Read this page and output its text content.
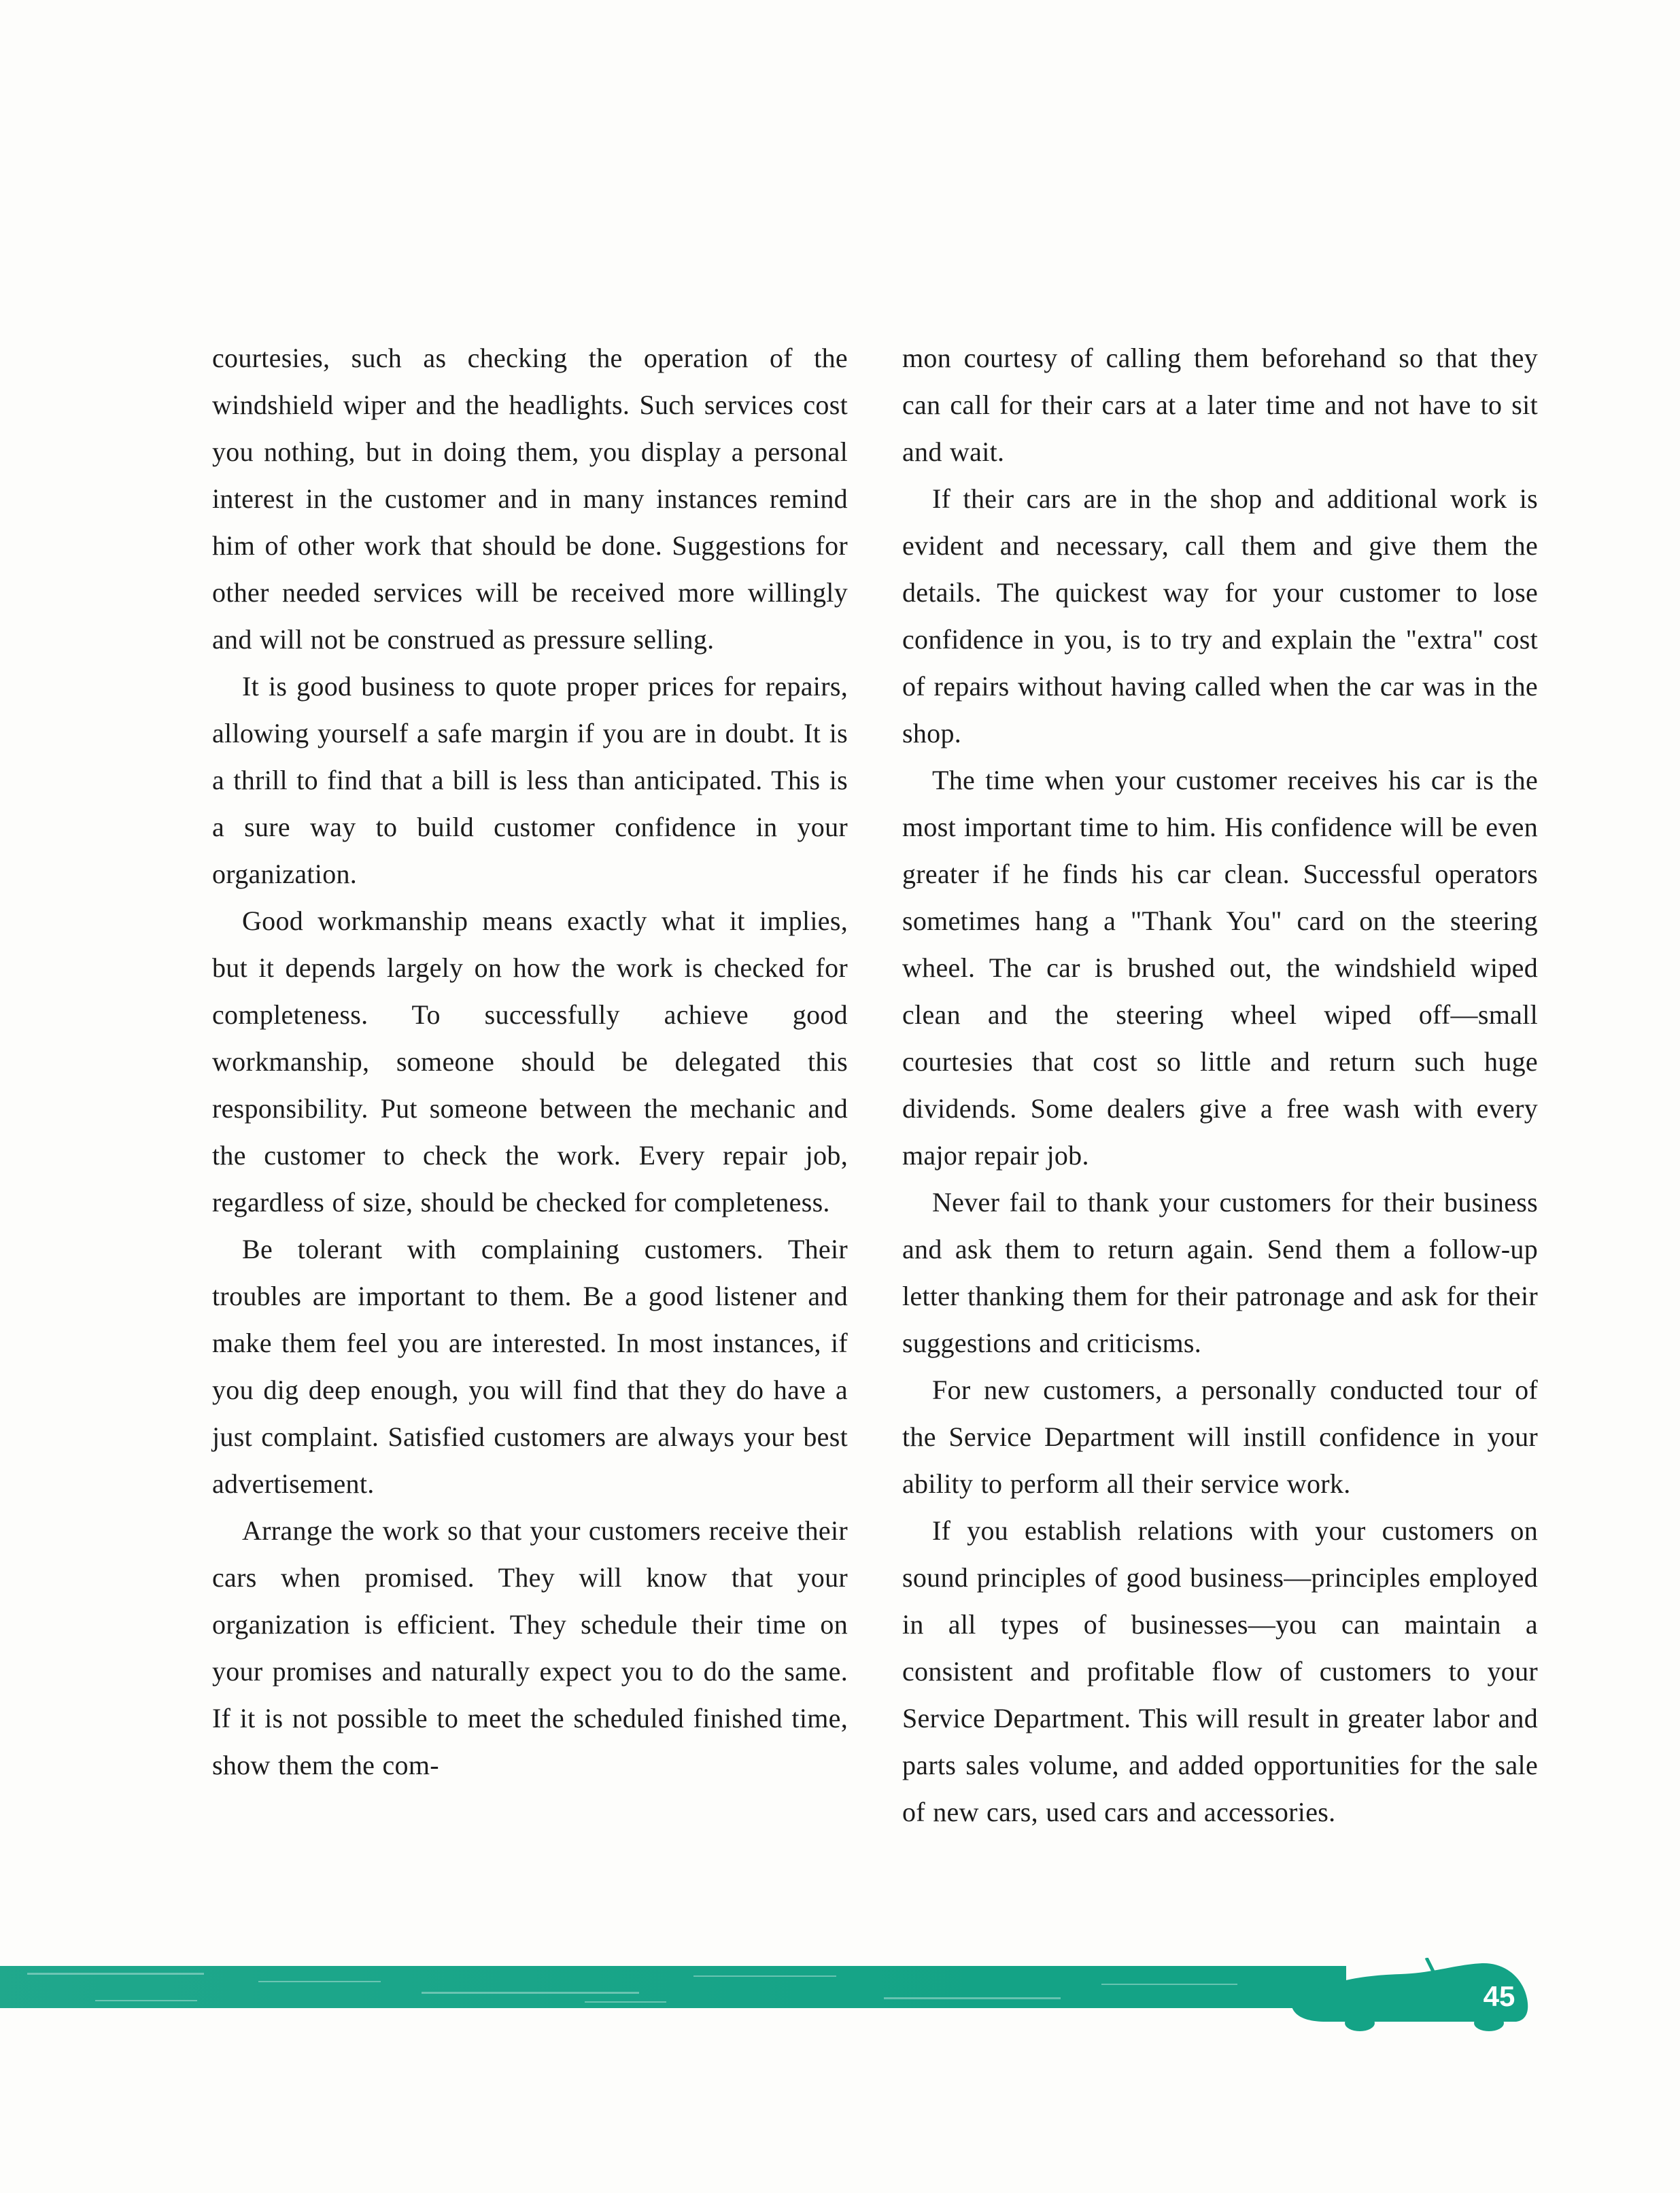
courtesies, such as checking the operation of the windshield wiper and the headlights. Such services cost you nothing, but in doing them, you display a personal interest in the customer and in many instances remind him of other work that should be done. Suggestions for other needed services will be received more willingly and will not be construed as pressure selling.

It is good business to quote proper prices for repairs, allowing yourself a safe margin if you are in doubt. It is a thrill to find that a bill is less than anticipated. This is a sure way to build customer confidence in your organization.

Good workmanship means exactly what it implies, but it depends largely on how the work is checked for completeness. To successfully achieve good workmanship, someone should be delegated this responsibility. Put someone between the mechanic and the customer to check the work. Every repair job, regardless of size, should be checked for completeness.

Be tolerant with complaining customers. Their troubles are important to them. Be a good listener and make them feel you are interested. In most instances, if you dig deep enough, you will find that they do have a just complaint. Satisfied customers are always your best advertisement.

Arrange the work so that your customers receive their cars when promised. They will know that your organization is efficient. They schedule their time on your promises and naturally expect you to do the same. If it is not possible to meet the scheduled finished time, show them the com-

mon courtesy of calling them beforehand so that they can call for their cars at a later time and not have to sit and wait.

If their cars are in the shop and additional work is evident and necessary, call them and give them the details. The quickest way for your customer to lose confidence in you, is to try and explain the "extra" cost of repairs without having called when the car was in the shop.

The time when your customer receives his car is the most important time to him. His confidence will be even greater if he finds his car clean. Successful operators sometimes hang a "Thank You" card on the steering wheel. The car is brushed out, the windshield wiped clean and the steering wheel wiped off—small courtesies that cost so little and return such huge dividends. Some dealers give a free wash with every major repair job.

Never fail to thank your customers for their business and ask them to return again. Send them a follow-up letter thanking them for their patronage and ask for their suggestions and criticisms.

For new customers, a personally conducted tour of the Service Department will instill confidence in your ability to perform all their service work.

If you establish relations with your customers on sound principles of good business—principles employed in all types of businesses—you can maintain a consistent and profitable flow of customers to your Service Department. This will result in greater labor and parts sales volume, and added opportunities for the sale of new cars, used cars and accessories.

45
